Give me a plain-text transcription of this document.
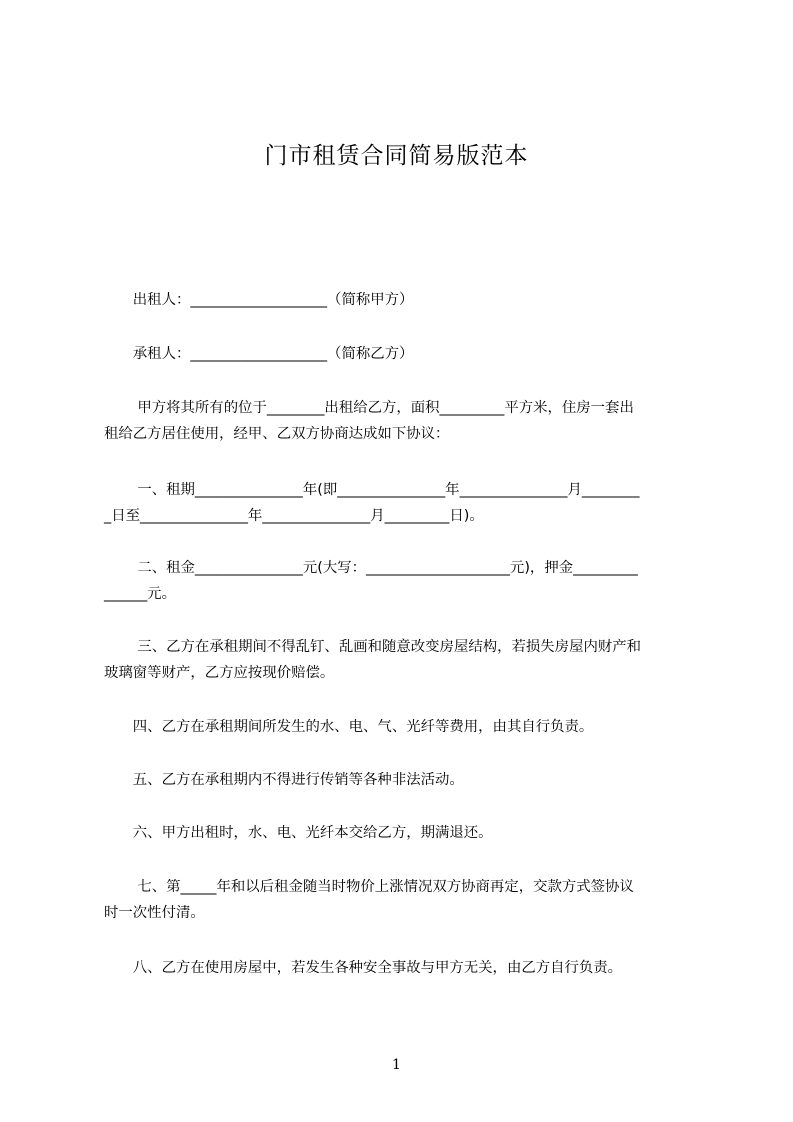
门市租赁合同简易版范本

　　出租人：___________________（简称甲方）

　　承租人：___________________（简称乙方）

　　 甲方将其所有的位于________出租给乙方，面积_________平方米，住房一套出
租给乙方居住使用，经甲、乙双方协商达成如下协议：

　　 一、租期_______________年(即_______________年_______________月________
_日至_______________年_______________月_________日)。

　　 二、租金_______________元(大写：____________________元)，押金_________
______元。

　　 三、乙方在承租期间不得乱钉、乱画和随意改变房屋结构，若损失房屋内财产和
玻璃窗等财产，乙方应按现价赔偿。

　　四、乙方在承租期间所发生的水、电、气、光纤等费用，由其自行负责。

　　五、乙方在承租期内不得进行传销等各种非法活动。

　　六、甲方出租时，水、电、光纤本交给乙方，期满退还。

　　 七、第_____年和以后租金随当时物价上涨情况双方协商再定，交款方式签协议
时一次性付清。

　　八、乙方在使用房屋中，若发生各种安全事故与甲方无关，由乙方自行负责。

1
